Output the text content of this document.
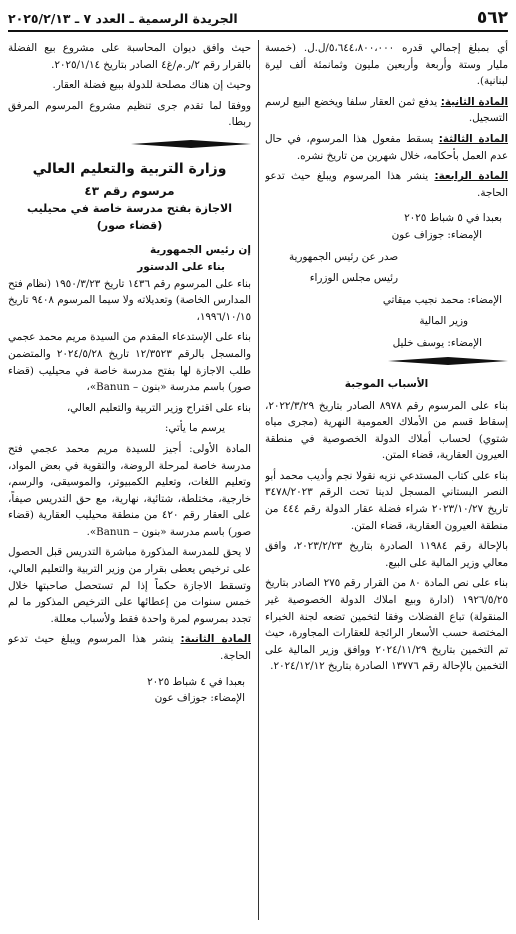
٥٦٢
الجريدة الرسمية ـ العدد ٧ ـ ٢٠٢٥/٢/١٣

أي بمبلغ إجمالي قدره ٥،٦٤٤،٨٠٠،٠٠٠/ل.ل. (خمسة مليار وستة وأربعة وأربعين مليون وثمانمئة ألف ليرة لبنانية).

المادة الثانية: يدفع ثمن العقار سلفا ويخضع البيع لرسم التسجيل.

المادة الثالثة: يسقط مفعول هذا المرسوم، في حال عدم العمل بأحكامه، خلال شهرين من تاريخ نشره.

المادة الرابعة: ينشر هذا المرسوم ويبلغ حيث تدعو الحاجة.

بعبدا في ٥ شباط ٢٠٢٥

الإمضاء: جوزاف عون

صدر عن رئيس الجمهورية

رئيس مجلس الوزراء

الإمضاء: محمد نجيب ميقاتي

وزير المالية

الإمضاء: يوسف خليل

الأسباب الموجبة

بناء على المرسوم رقم ٨٩٧٨ الصادر بتاريخ ٢٠٢٢/٣/٢٩، إسقاط قسم من الأملاك العمومية النهرية (مجرى مياه شتوي) لحساب أملاك الدولة الخصوصية في منطقة العيرون العقارية، قضاء المتن.

بناء على كتاب المستدعي نزيه نقولا نجم وأديب محمد أبو النصر البستاني المسجل لدينا تحت الرقم ٣٤٧٨/٢٠٢٣ تاريخ ٢٠٢٣/١٠/٢٧ شراء فضلة عقار الدولة رقم ٤٤٤ من منطقة العيرون العقارية، قضاء المتن.

بالإحالة رقم ١١٩٨٤ الصادرة بتاريخ ٢٠٢٣/٢/٢٣، وافق معالي وزير المالية على البيع.

بناء على نص المادة ٨٠ من القرار رقم ٢٧٥ الصادر بتاريخ ١٩٢٦/٥/٢٥ (ادارة وبيع املاك الدولة الخصوصية غير المنقولة) تباع الفضلات وفقا لتخمين تضعه لجنة الخبراء المختصة حسب الأسعار الرائجة للعقارات المجاورة، حيث تم التخمين بتاريخ ٢٠٢٤/١١/٢٩ ووافق وزير المالية على التخمين بالإحالة رقم ١٣٧٧٦ الصادرة بتاريخ ٢٠٢٤/١٢/١٢.

حيث وافق ديوان المحاسبة على مشروع بيع الفضلة بالقرار رقم ٢/ر.م/غ٤ الصادر بتاريخ ٢٠٢٥/١/١٤.

وحيث إن هناك مصلحة للدولة ببيع فضلة العقار.

ووفقا لما تقدم جرى تنظيم مشروع المرسوم المرفق ربطا.

وزارة التربية والتعليم العالي

مرسوم رقم ٤٣

الاجازة بفتح مدرسة خاصة في محيليب

(قضاء صور)

إن رئيس الجمهورية

بناء على الدستور

بناء على المرسوم رقم ١٤٣٦ تاريخ ١٩٥٠/٣/٢٣ (نظام فتح المدارس الخاصة) وتعديلاته ولا سيما المرسوم ٩٤٠٨ تاريخ ١٩٩٦/١٠/١٥،

بناء على الإستدعاء المقدم من السيدة مريم محمد عجمي والمسجل بالرقم ١٢/٣٥٢٣ تاريخ ٢٠٢٤/٥/٢٨ والمتضمن طلب الاجازة لها بفتح مدرسة خاصة في محيليب (قضاء صور) باسم مدرسة «بنون – Banun»،

بناء على اقتراح وزير التربية والتعليم العالي،

يرسم ما يأتي:

المادة الأولى: أجيز للسيدة مريم محمد عجمي فتح مدرسة خاصة لمرحلة الروضة، والتقوية في بعض المواد، وتعليم اللغات، وتعليم الكمبيوتر، والموسيقى، والرسم، خارجية، مختلطة، شتائية، نهارية، مع حق التدريس صيفاً، على العقار رقم ٤٢٠ من منطقة محيليب العقارية (قضاء صور) باسم مدرسة «بنون – Banun».

لا يحق للمدرسة المذكورة مباشرة التدريس قبل الحصول على ترخيص يعطى بقرار من وزير التربية والتعليم العالي، وتسقط الاجازة حكماً إذا لم تستحصل صاحبتها خلال خمس سنوات من إعطائها على الترخيص المذكور ما لم تجدد بمرسوم لمرة واحدة فقط ولأسباب معللة.

المادة الثانية: ينشر هذا المرسوم ويبلغ حيث تدعو الحاجة.

بعبدا في ٤ شباط ٢٠٢٥

الإمضاء: جوزاف عون
